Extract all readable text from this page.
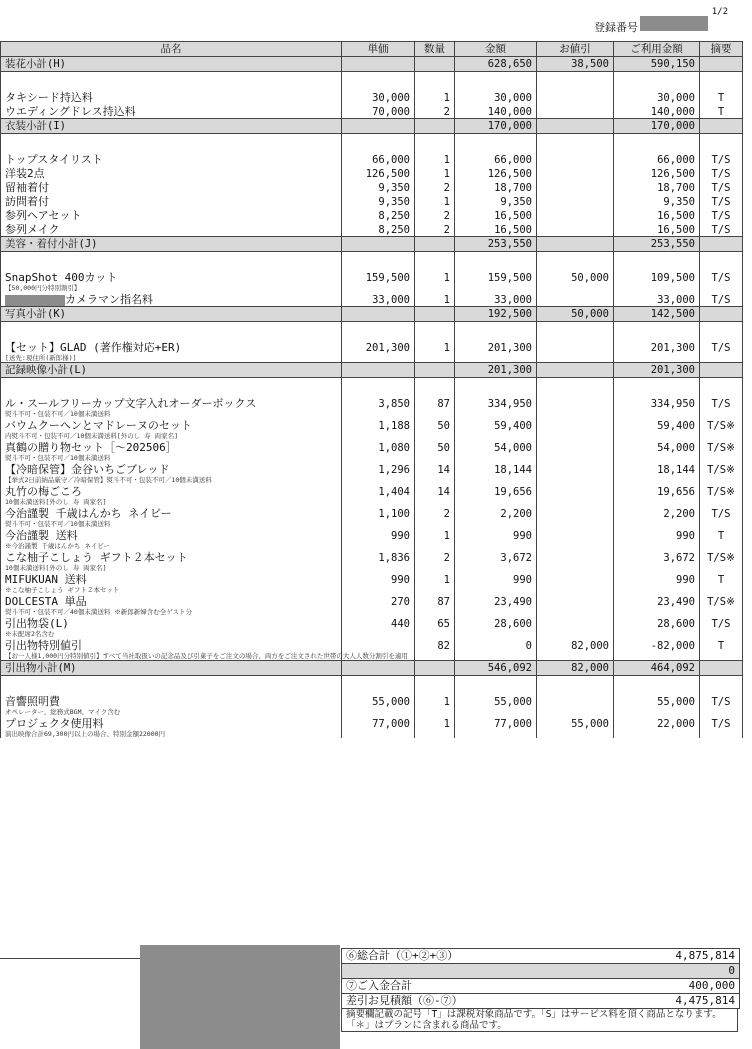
1/2
登録番号
品名	単価	数量	金額	お値引	ご利用金額	摘要
装花小計(H)			628,650	38,500	590,150	

タキシード持込料	30,000	1	30,000		30,000	T
ウエディングドレス持込料	70,000	2	140,000		140,000	T
衣装小計(I)			170,000		170,000	

トップスタイリスト	66,000	1	66,000		66,000	T/S
洋装2点	126,500	1	126,500		126,500	T/S
留袖着付	9,350	2	18,700		18,700	T/S
訪問着付	9,350	1	9,350		9,350	T/S
参列ヘアセット	8,250	2	16,500		16,500	T/S
参列メイク	8,250	2	16,500		16,500	T/S
美容・着付小計(J)			253,550		253,550	

SnapShot 400カット
【50,000円分特別割引】	159,500	1	159,500	50,000	109,500	T/S
カメラマン指名料	33,000	1	33,000		33,000	T/S
写真小計(K)			192,500	50,000	142,500	

【セット】GLAD (著作権対応+ER)
[送先:現住所(新郎様)]	201,300	1	201,300		201,300	T/S
記録映像小計(L)			201,300		201,300	

ル・スールフリーカップ文字入れオーダーボックス
熨斗不可・包装不可／10個未満送料	3,850	87	334,950		334,950	T/S
バウムクーヘンとマドレーヌのセット
内熨斗不可・包装不可／10個未満送料[外のし 寿 両家名]	1,188	50	59,400		59,400	T/S※
真鶴の贈り物セット［～202506］
熨斗不可・包装不可／10個未満送料	1,080	50	54,000		54,000	T/S※
【冷暗保管】金谷いちごブレッド
【挙式2日前納品厳守／冷暗保管】熨斗不可・包装不可／10個未満送料	1,296	14	18,144		18,144	T/S※
丸竹の梅ごころ
10個未満送料[外のし 寿 両家名]	1,404	14	19,656		19,656	T/S※
今治謹製 千歳はんかち ネイビー
熨斗不可・包装不可／10個未満送料	1,100	2	2,200		2,200	T/S
今治謹製 送料
※今治謹製 千歳はんかち ネイビー	990	1	990		990	T
こな柚子こしょう ギフト２本セット
10個未満送料[外のし 寿 両家名]	1,836	2	3,672		3,672	T/S※
MIFUKUAN 送料
※こな柚子こしょう ギフト２本セット	990	1	990		990	T
DOLCESTA 単品
熨斗不可・包装不可／40個未満送料 ※新郎新婦含む全ゲスト分	270	87	23,490		23,490	T/S※
引出物袋(L)
※未配席2名含む	440	65	28,600		28,600	T/S
引出物特別値引
【お一人様1,000円分特別値引】すべて当社取扱いの記念品及び引菓子をご注文の場合、両方をご注文された世帯の大人人数分割引を適用		82	0	82,000	-82,000	T
引出物小計(M)			546,092	82,000	464,092	

音響照明費
オペレーター、総務式BGM、マイク含む	55,000	1	55,000		55,000	T/S
プロジェクタ使用料
演出映像合計69,300円以上の場合、特別金額22000円	77,000	1	77,000	55,000	22,000	T/S
⑥総合計（①+②+③）	4,875,814
0
⑦ご入金合計	400,000
差引お見積額（⑥-⑦）	4,475,814
摘要欄記載の記号「T」は課税対象商品です。「S」はサービス料を頂く商品となります。「＊」はプランに含まれる商品です。
